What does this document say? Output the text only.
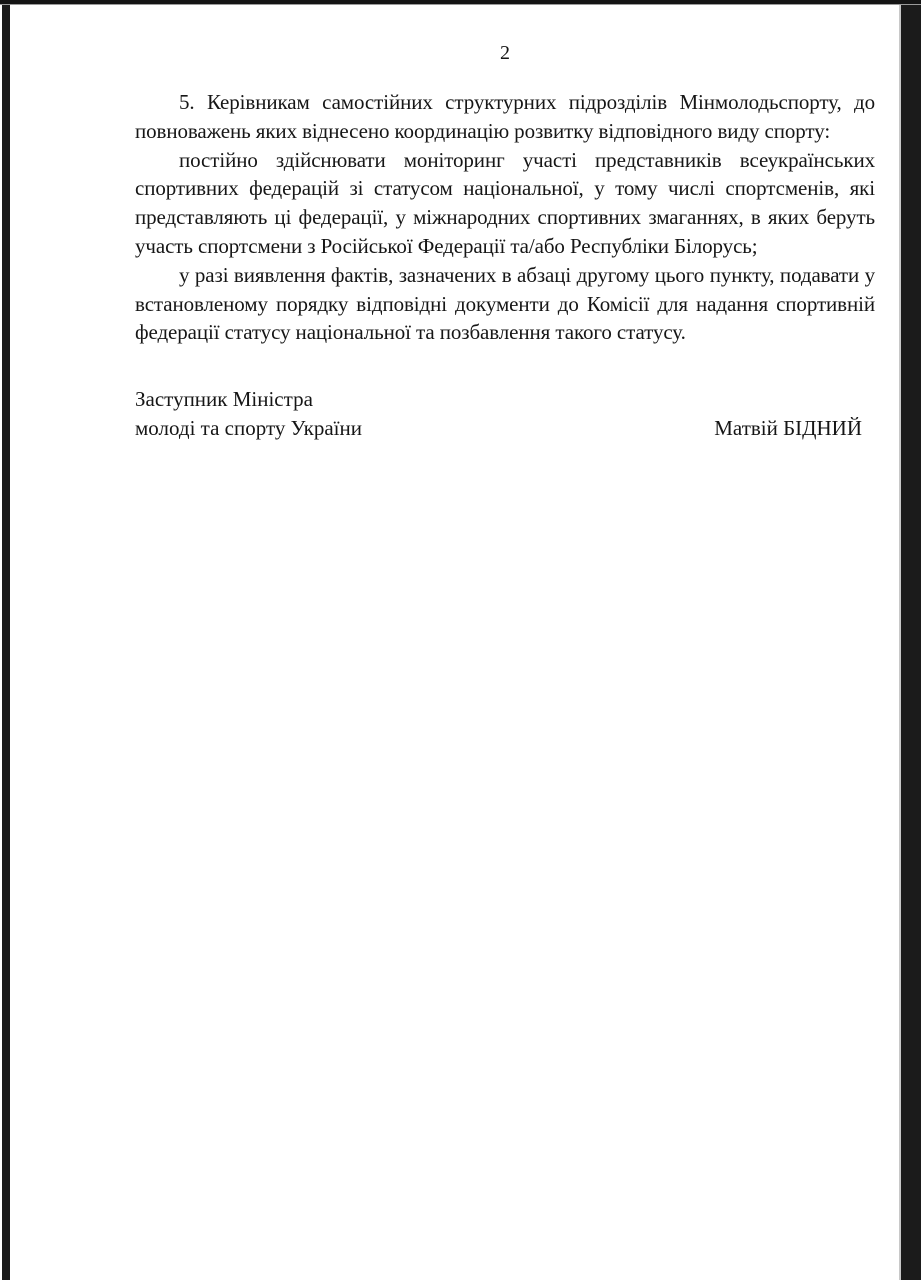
2

5. Керівникам самостійних структурних підрозділів Мінмолодьспорту, до повноважень яких віднесено координацію розвитку відповідного виду спорту:

постійно здійснювати моніторинг участі представників всеукраїнських спортивних федерацій зі статусом національної, у тому числі спортсменів, які представляють ці федерації, у міжнародних спортивних змаганнях, в яких беруть участь спортсмени з Російської Федерації та/або Республіки Білорусь;

у разі виявлення фактів, зазначених в абзаці другому цього пункту, подавати у встановленому порядку відповідні документи до Комісії для надання спортивній федерації статусу національної та позбавлення такого статусу.

Заступник Міністра
молоді та спорту України	Матвій БІДНИЙ
